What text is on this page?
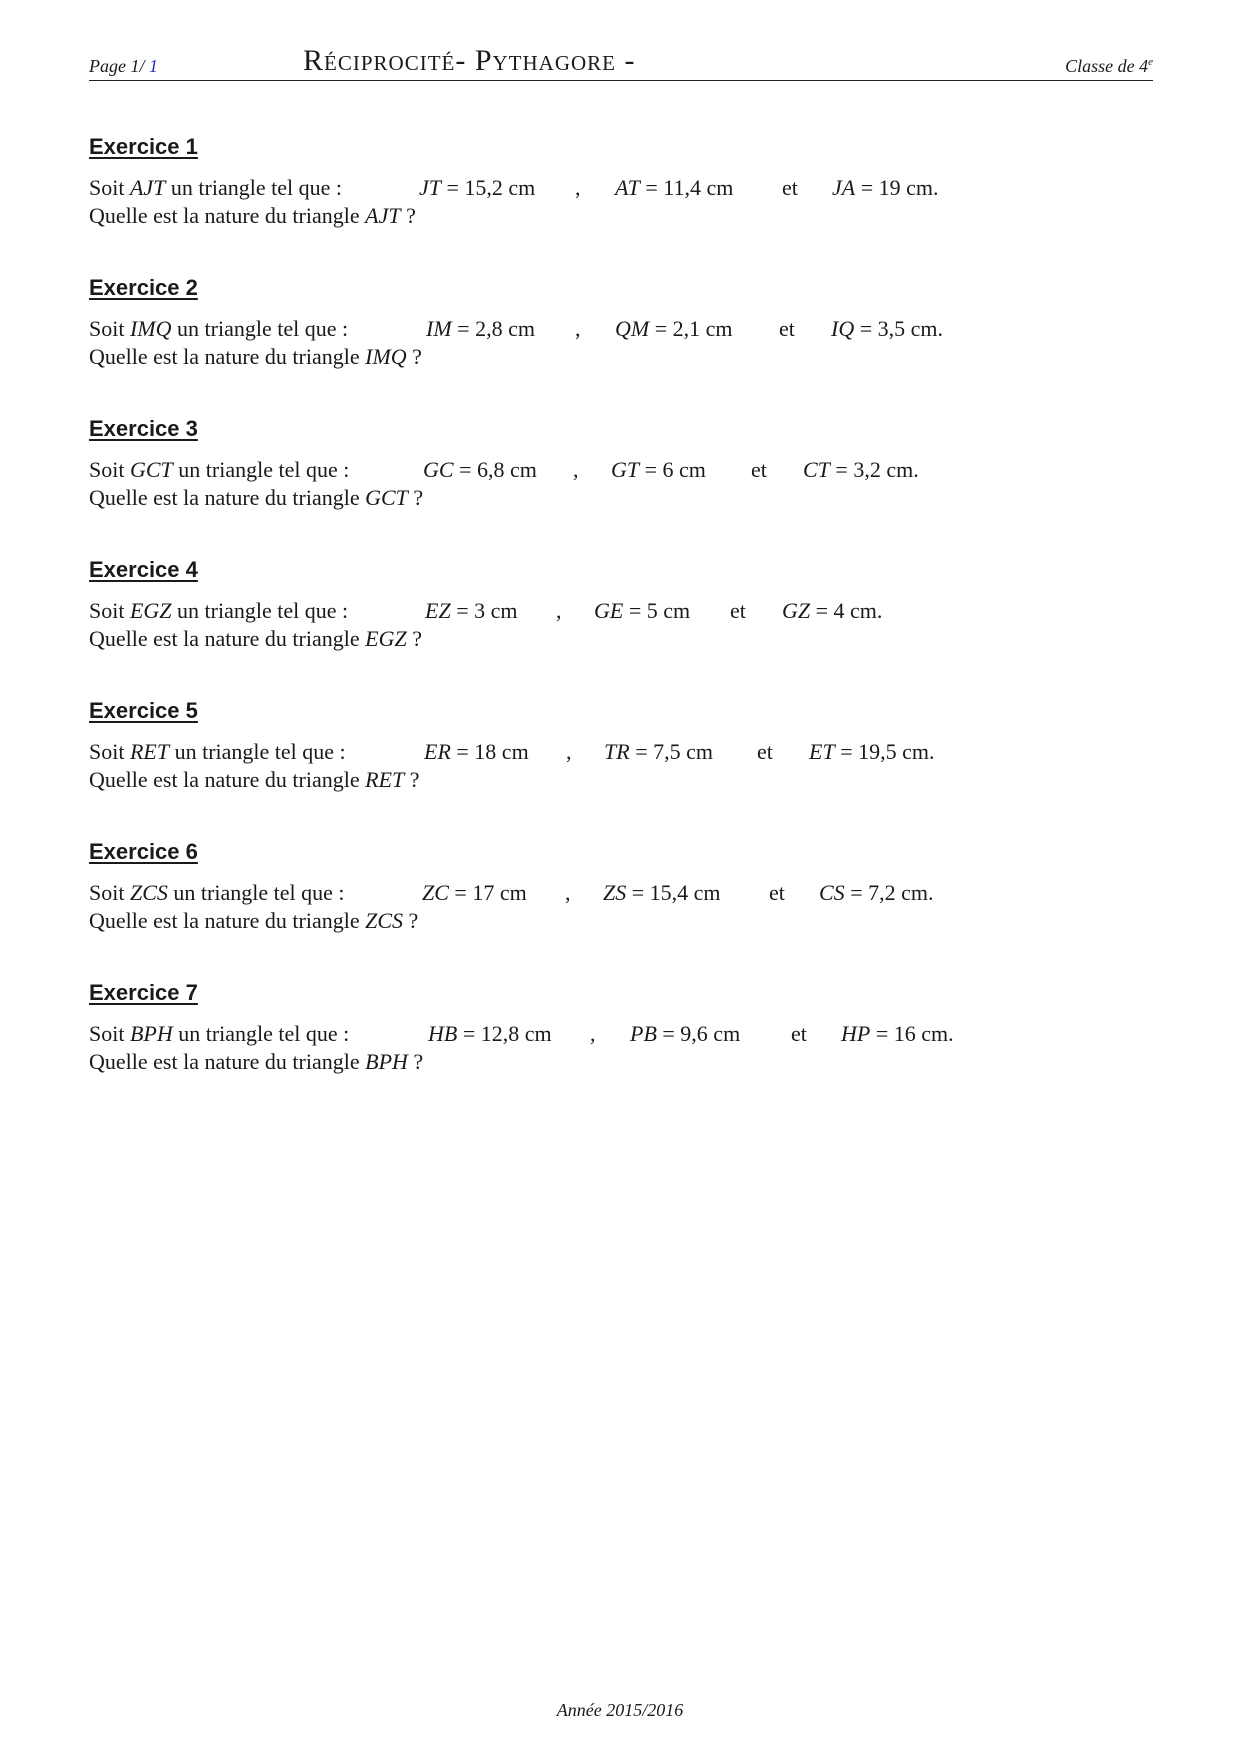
Page 1/ 1	Réciprocité- Pythagore -	Classe de 4e
Exercice 1
Soit AJT un triangle tel que :	JT = 15,2 cm , AT = 11,4 cm et JA = 19 cm.
Quelle est la nature du triangle AJT ?
Exercice 2
Soit IMQ un triangle tel que :	IM = 2,8 cm , QM = 2,1 cm et IQ = 3,5 cm.
Quelle est la nature du triangle IMQ ?
Exercice 3
Soit GCT un triangle tel que :	GC = 6,8 cm , GT = 6 cm et CT = 3,2 cm.
Quelle est la nature du triangle GCT ?
Exercice 4
Soit EGZ un triangle tel que :	EZ = 3 cm , GE = 5 cm et GZ = 4 cm.
Quelle est la nature du triangle EGZ ?
Exercice 5
Soit RET un triangle tel que :	ER = 18 cm , TR = 7,5 cm et ET = 19,5 cm.
Quelle est la nature du triangle RET ?
Exercice 6
Soit ZCS un triangle tel que :	ZC = 17 cm , ZS = 15,4 cm et CS = 7,2 cm.
Quelle est la nature du triangle ZCS ?
Exercice 7
Soit BPH un triangle tel que :	HB = 12,8 cm , PB = 9,6 cm et HP = 16 cm.
Quelle est la nature du triangle BPH ?
Année 2015/2016
